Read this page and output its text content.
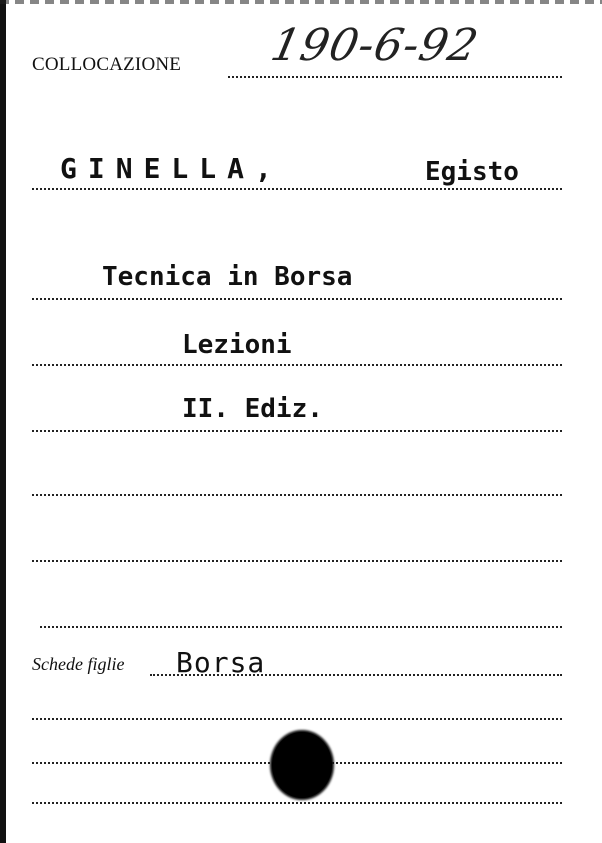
COLLOCAZIONE 190-6-92
GINELLA,	Egisto
Tecnica in Borsa
Lezioni
II. Ediz.
Schede figlie Borsa
